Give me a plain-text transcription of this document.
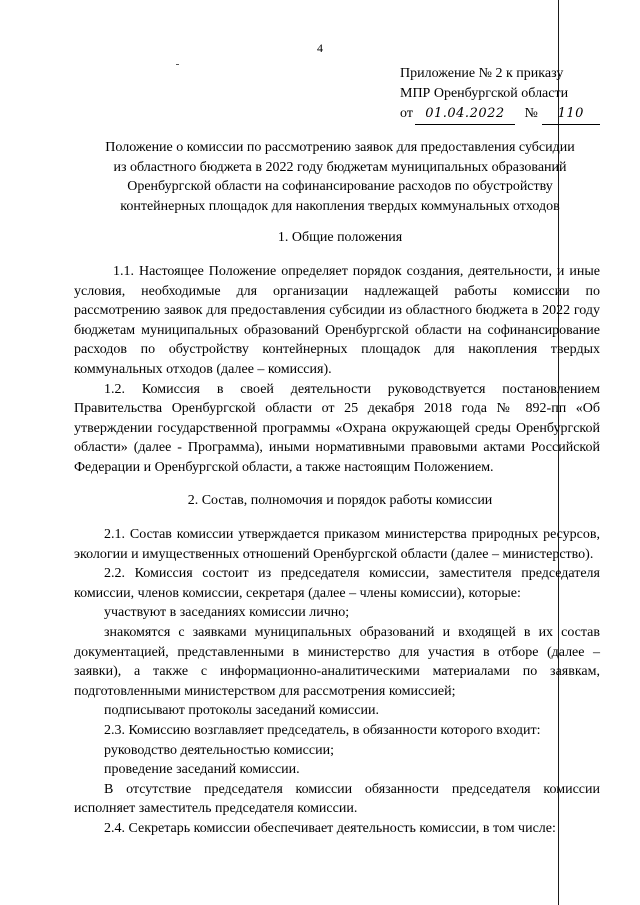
4
Приложение № 2 к приказу
МПР Оренбургской области
от 01.04.2022 № 110
Положение о комиссии по рассмотрению заявок для предоставления субсидии
из областного бюджета в 2022 году бюджетам муниципальных образований
Оренбургской области на софинансирование расходов по обустройству
контейнерных площадок для накопления твердых коммунальных отходов
1. Общие положения

1.1. Настоящее Положение определяет порядок создания, деятельности, и иные условия, необходимые для организации надлежащей работы комиссии по рассмотрению заявок для предоставления субсидии из областного бюджета в 2022 году бюджетам муниципальных образований Оренбургской области на софинансирование расходов по обустройству контейнерных площадок для накопления твердых коммунальных отходов (далее – комиссия).

1.2. Комиссия в своей деятельности руководствуется постановлением Правительства Оренбургской области от 25 декабря 2018 года № 892-пп «Об утверждении государственной программы «Охрана окружающей среды Оренбургской области» (далее - Программа), иными нормативными правовыми актами Российской Федерации и Оренбургской области, а также настоящим Положением.

2. Состав, полномочия и порядок работы комиссии

2.1. Состав комиссии утверждается приказом министерства природных ресурсов, экологии и имущественных отношений Оренбургской области (далее – министерство).

2.2. Комиссия состоит из председателя комиссии, заместителя председателя комиссии, членов комиссии, секретаря (далее – члены комиссии), которые:

участвуют в заседаниях комиссии лично;

знакомятся с заявками муниципальных образований и входящей в их состав документацией, представленными в министерство для участия в отборе (далее – заявки), а также с информационно-аналитическими материалами по заявкам, подготовленными министерством для рассмотрения комиссией;

подписывают протоколы заседаний комиссии.

2.3. Комиссию возглавляет председатель, в обязанности которого входит:

руководство деятельностью комиссии;

проведение заседаний комиссии.

В отсутствие председателя комиссии обязанности председателя комиссии исполняет заместитель председателя комиссии.

2.4. Секретарь комиссии обеспечивает деятельность комиссии, в том числе:
